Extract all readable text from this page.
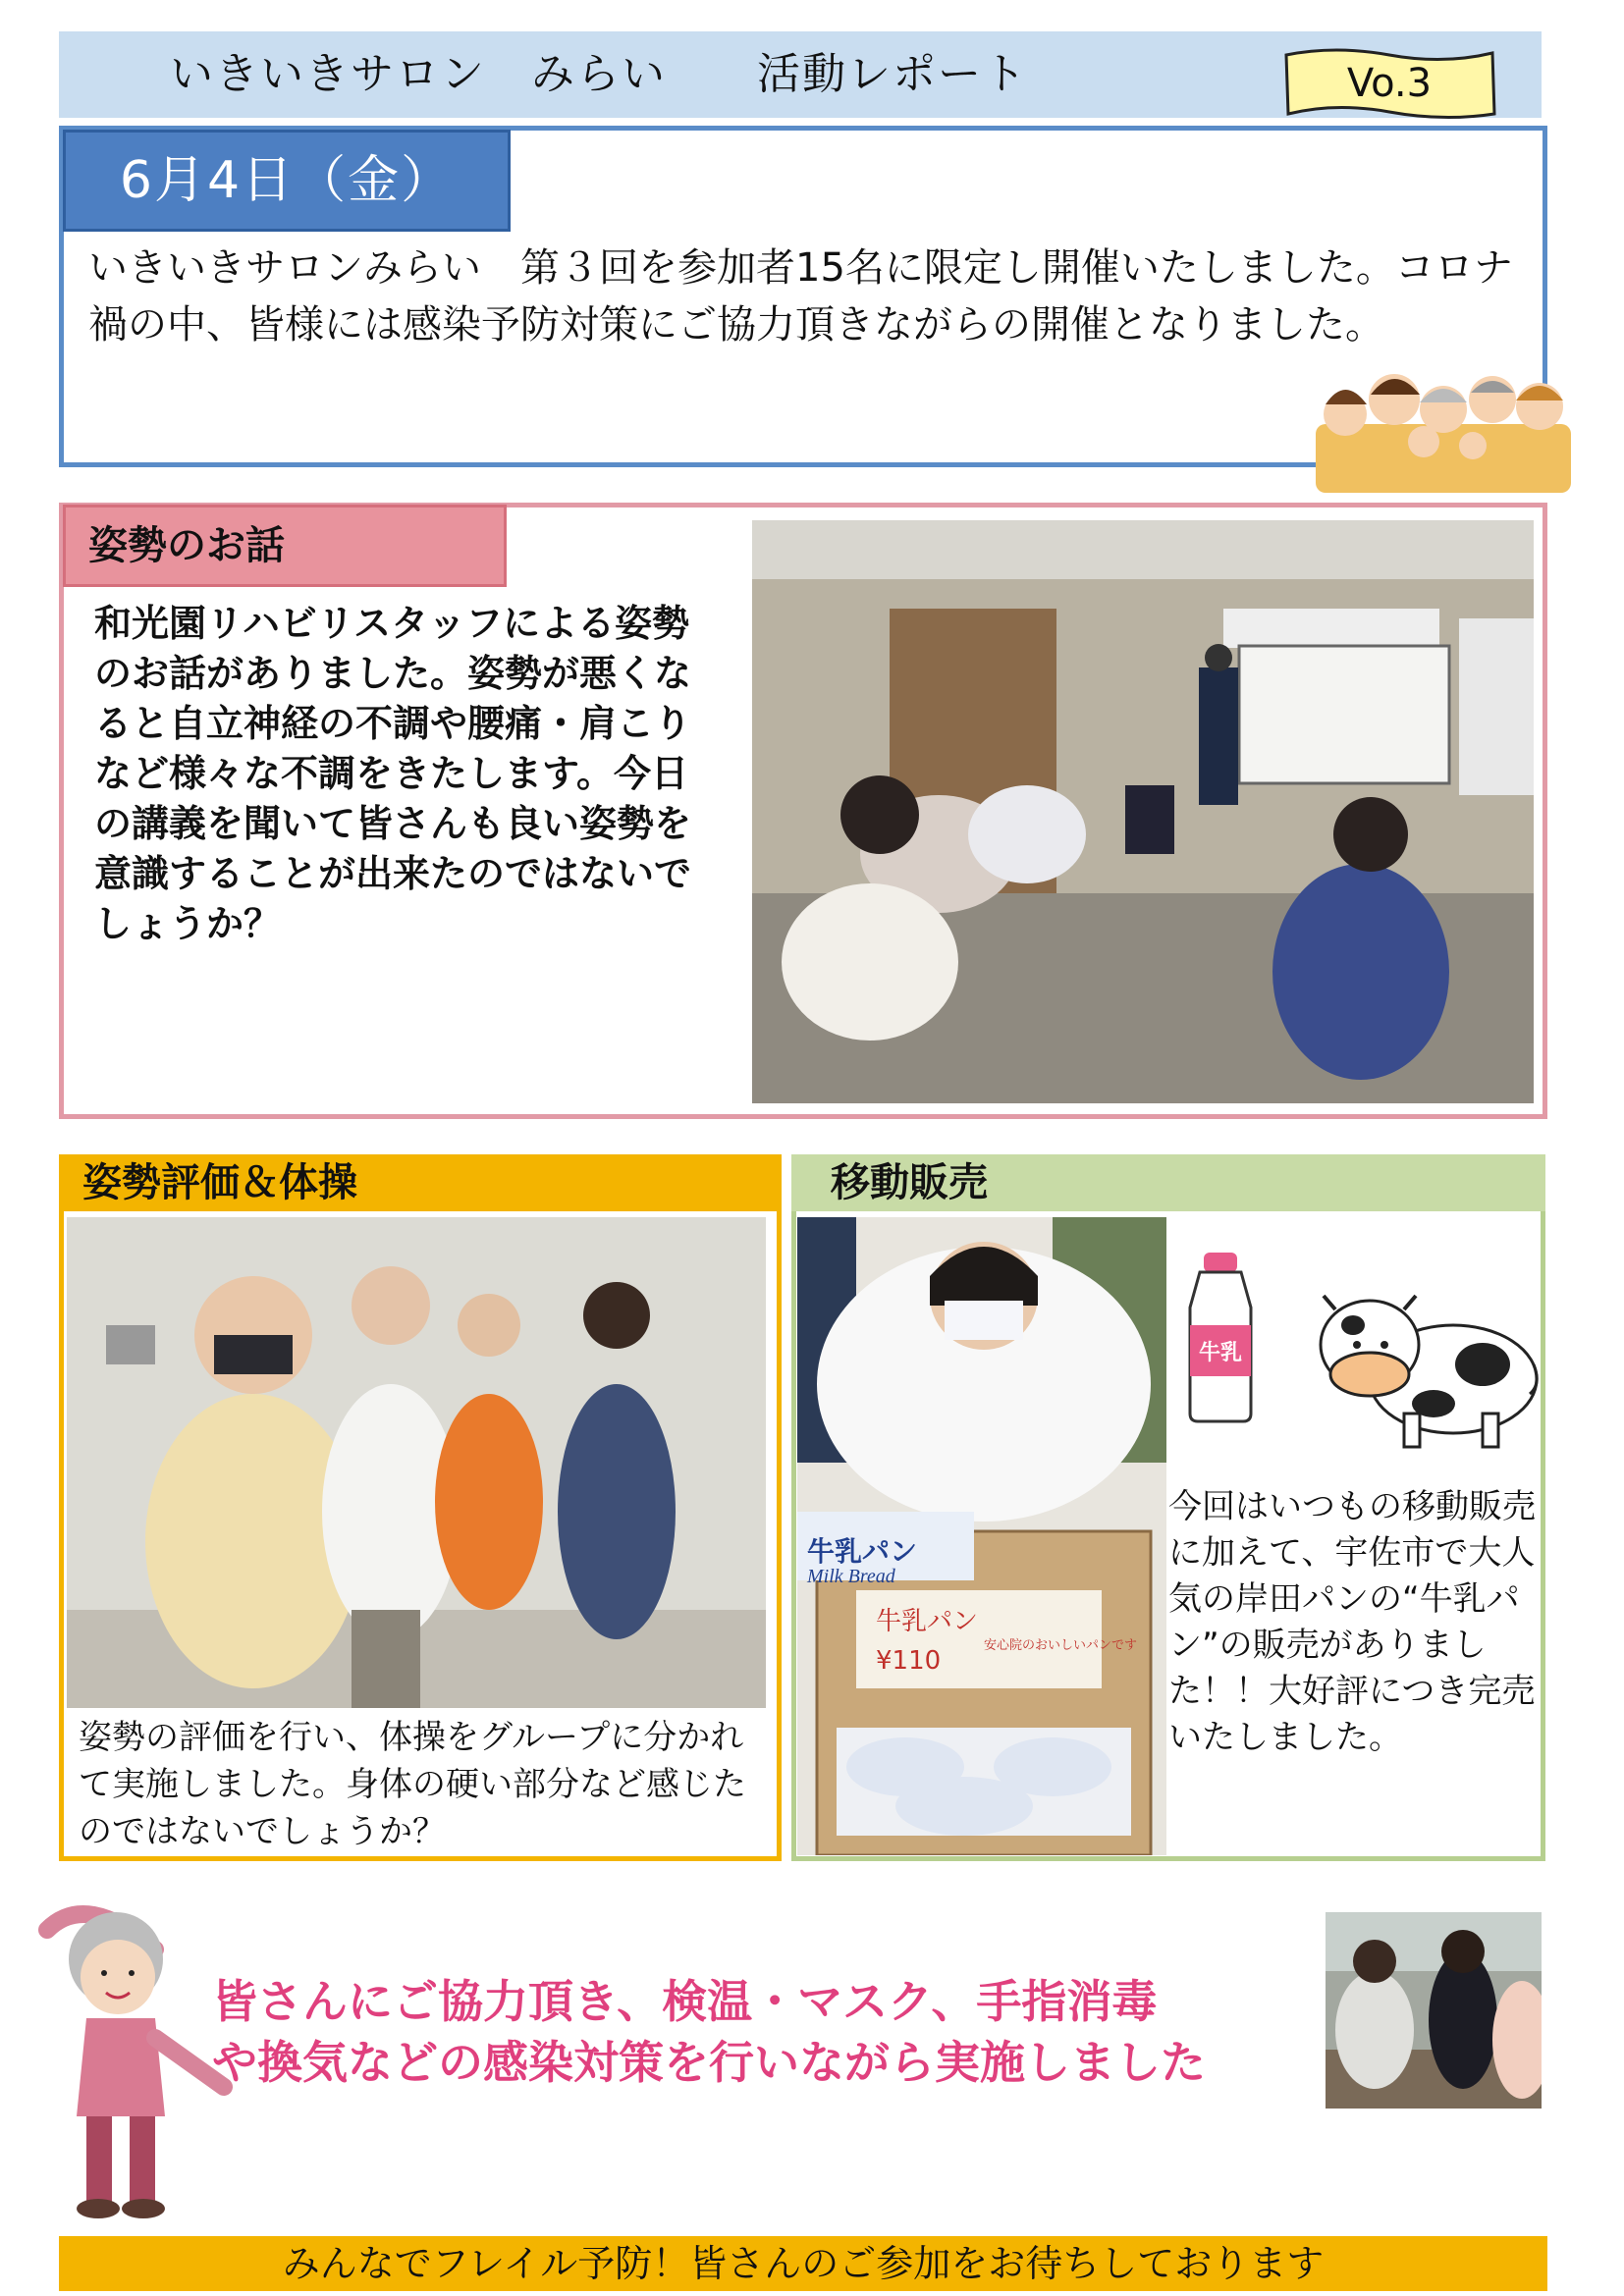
いきいきサロン　みらい　　活動レポート	Vo.3
6月4日（金）
いきいきサロンみらい　第３回を参加者15名に限定し開催いたしました。コロナ禍の中、皆様には感染予防対策にご協力頂きながらの開催となりました。
姿勢のお話
和光園リハビリスタッフによる姿勢のお話がありました。姿勢が悪くなると自立神経の不調や腰痛・肩こりなど様々な不調をきたします。今日の講義を聞いて皆さんも良い姿勢を意識することが出来たのではないでしょうか？
姿勢評価＆体操
姿勢の評価を行い、体操をグループに分かれて実施しました。身体の硬い部分など感じたのではないでしょうか？
移動販売
牛乳パン
Milk Bread
牛乳パン
¥110
安心院のおいしいパンです
牛乳
今回はいつもの移動販売に加えて、宇佐市で大人気の岸田パンの“牛乳パン”の販売がありました！！大好評につき完売いたしました。
皆さんにご協力頂き、検温・マスク、手指消毒
や換気などの感染対策を行いながら実施しました
みんなでフレイル予防！皆さんのご参加をお待ちしております
